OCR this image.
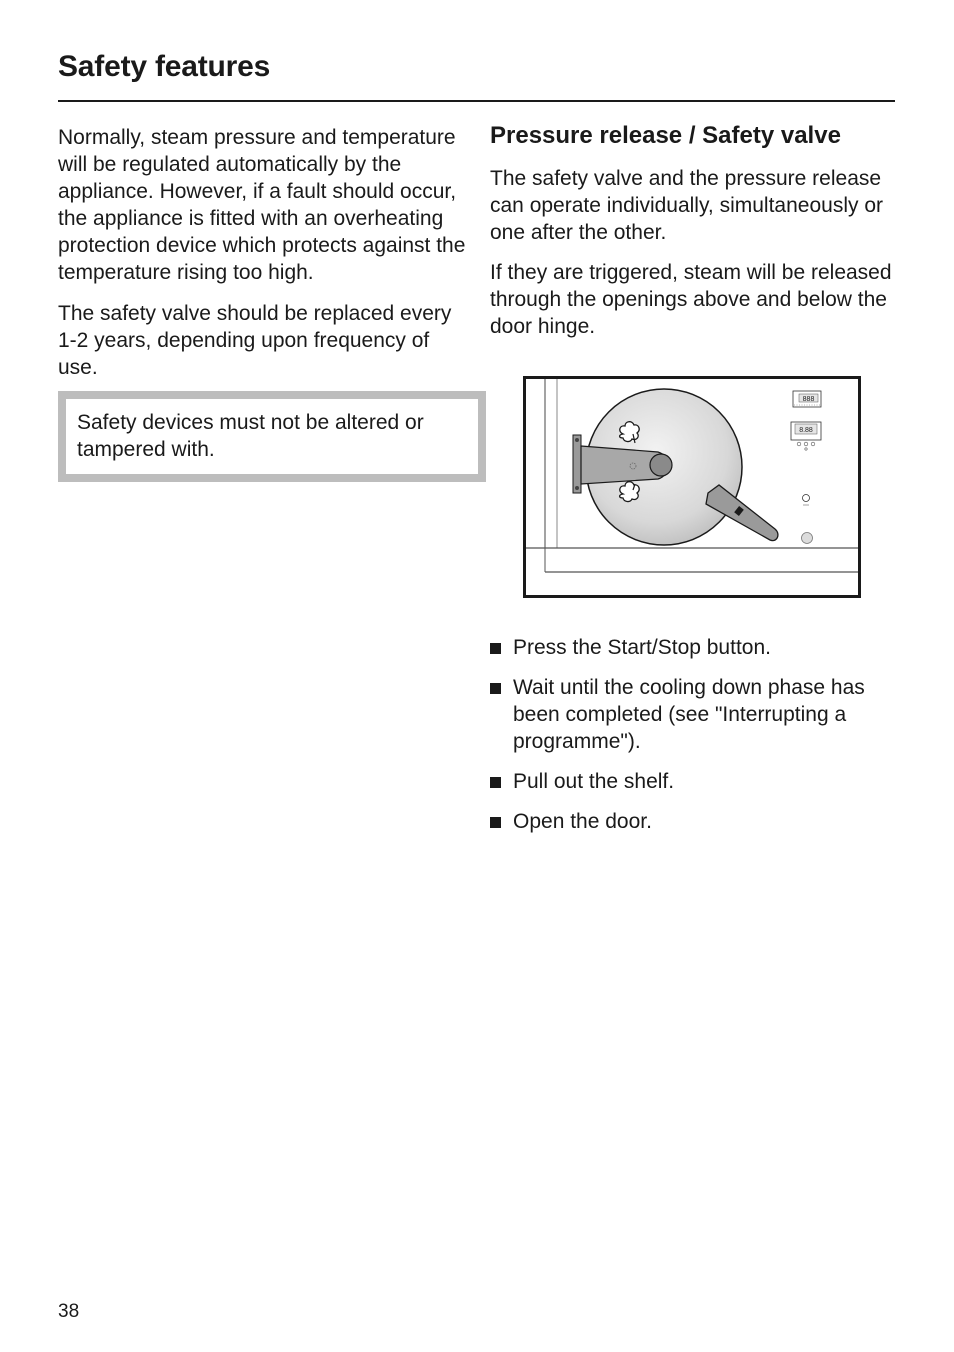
Safety features

Normally, steam pressure and temperature will be regulated automatically by the appliance. However, if a fault should occur, the appliance is fitted with an overheating protection device which protects against the temperature rising too high.

The safety valve should be replaced every 1-2 years, depending upon frequency of use.

Safety devices must not be altered or tampered with.

Pressure release / Safety valve

The safety valve and the pressure release can operate individually, simultaneously or one after the other.

If they are triggered, steam will be released through the openings above and below the door hinge.

888
8.88
Press the Start/Stop button.
Wait until the cooling down phase has been completed (see "Interrupting a programme").
Pull out the shelf.
Open the door.
38
